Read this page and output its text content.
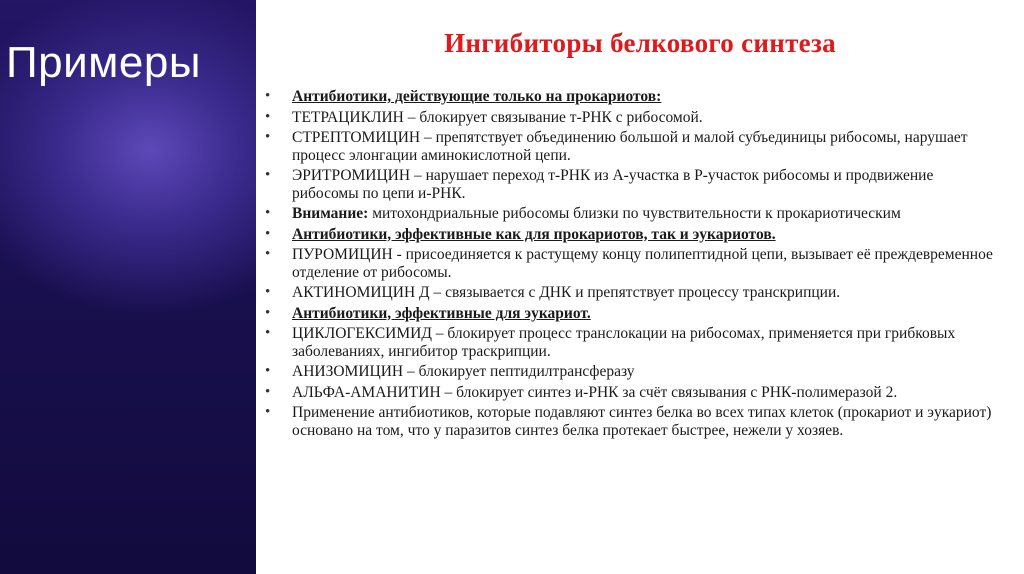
Примеры	Ингибиторы белкового синтеза
• Антибиотики, действующие только на прокариотов:
• ТЕТРАЦИКЛИН – блокирует связывание т-РНК с рибосомой.
• СТРЕПТОМИЦИН – препятствует объединению большой и малой субъединицы рибосомы, нарушает процесс элонгации аминокислотной цепи.
• ЭРИТРОМИЦИН – нарушает переход т-РНК из А-участка в Р-участок рибосомы и продвижение рибосомы по цепи и-РНК.
• Внимание: митохондриальные рибосомы близки по чувствительности к прокариотическим
• Антибиотики, эффективные как для прокариотов, так и эукариотов.
• ПУРОМИЦИН - присоединяется к растущему концу полипептидной цепи, вызывает её преждевременное отделение от рибосомы.
• АКТИНОМИЦИН Д – связывается с ДНК и препятствует процессу транскрипции.
• Антибиотики, эффективные для эукариот.
• ЦИКЛОГЕКСИМИД – блокирует процесс транслокации на рибосомах, применяется при грибковых заболеваниях, ингибитор траскрипции.
• АНИЗОМИЦИН – блокирует пептидилтрансферазу
• АЛЬФА-АМАНИТИН – блокирует синтез и-РНК за счёт связывания с РНК-полимеразой 2.
• Применение антибиотиков, которые подавляют синтез белка во всех типах клеток (прокариот и эукариот) основано на том, что у паразитов синтез белка протекает быстрее, нежели у хозяев.
